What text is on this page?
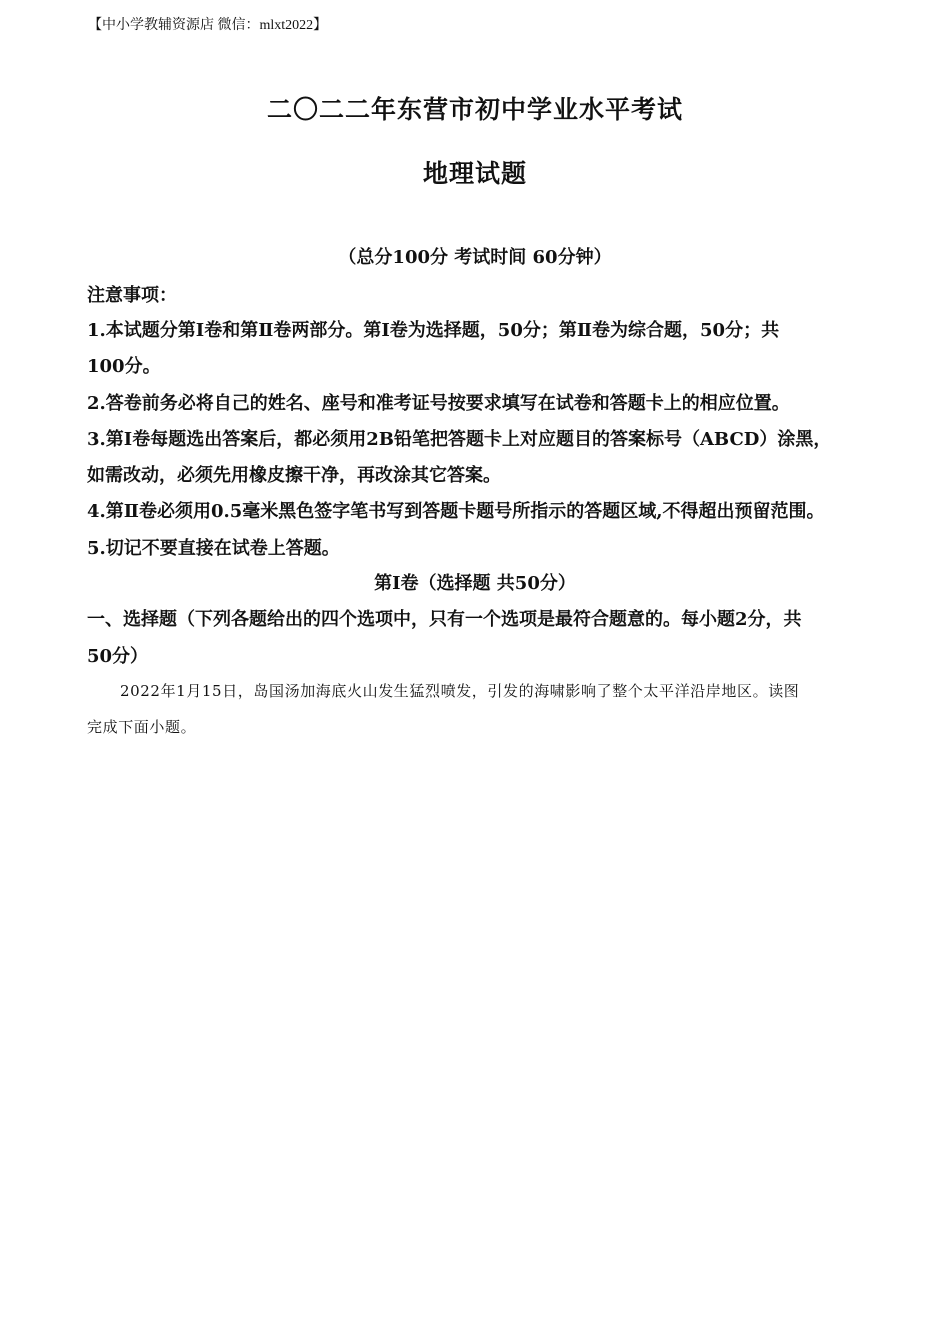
【中小学教辅资源店 微信：mlxt2022】
二〇二二年东营市初中学业水平考试
地理试题
（总分100分 考试时间 60分钟）
注意事项：
1.本试题分第Ⅰ卷和第Ⅱ卷两部分。第Ⅰ卷为选择题，50分；第Ⅱ卷为综合题，50分；共
100分。
2.答卷前务必将自己的姓名、座号和准考证号按要求填写在试卷和答题卡上的相应位置。
3.第Ⅰ卷每题选出答案后，都必须用2B铅笔把答题卡上对应题目的答案标号（ABCD）涂黑，
如需改动，必须先用橡皮擦干净，再改涂其它答案。
4.第Ⅱ卷必须用0.5毫米黑色签字笔书写到答题卡题号所指示的答题区域,不得超出预留范围。
5.切记不要直接在试卷上答题。
第Ⅰ卷（选择题 共50分）
一、选择题（下列各题给出的四个选项中，只有一个选项是最符合题意的。每小题2分，共
50分）
2022年1月15日，岛国汤加海底火山发生猛烈喷发，引发的海啸影响了整个太平洋沿岸地区。读图
完成下面小题。
